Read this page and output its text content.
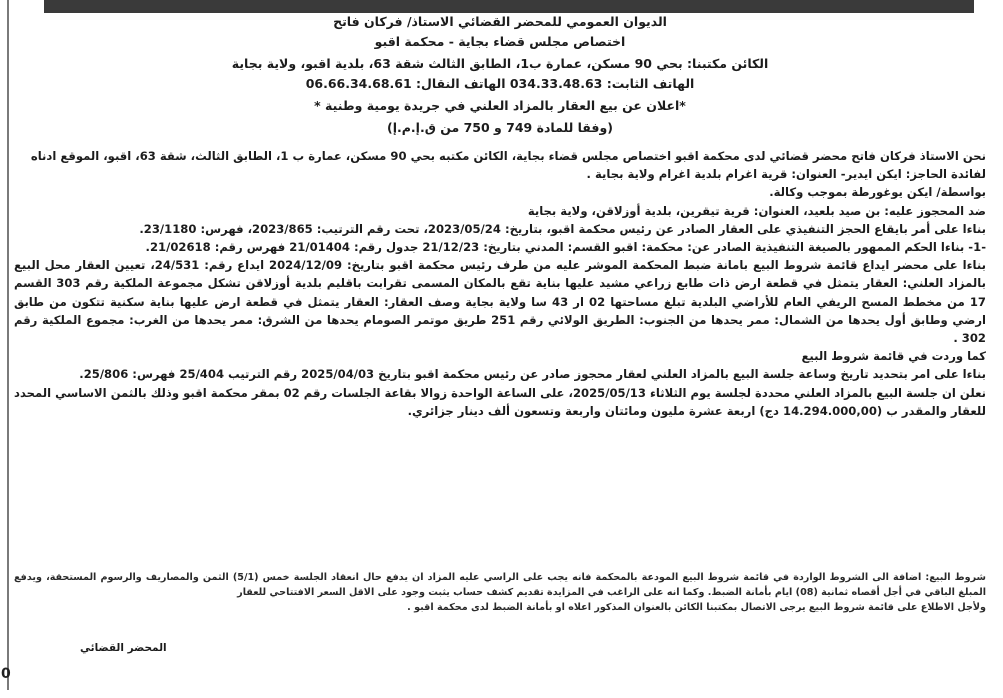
الديوان العمومي للمحضر القضائي الاستاذ/ فركان فاتح
اختصاص مجلس قضاء بجاية - محكمة اقبو
الكائن مكتبنا: بحي 90 مسكن، عمارة ب1، الطابق الثالث شقة 63، بلدية اقبو، ولاية بجاية
الهاتف الثابت: 034.33.48.63 الهاتف النقال: 06.66.34.68.61
*اعلان عن بيع العقار بالمزاد العلني في جريدة يومية وطنية *
(وفقا للمادة 749 و 750 من ق.إ.م.إ)

نحن الاستاذ فركان فاتح محضر قضائي لدى محكمة اقبو اختصاص مجلس قضاء بجاية، الكائن مكتبه بحي 90 مسكن، عمارة ب 1، الطابق الثالث، شقة 63، اقبو، الموقع ادناه

لفائدة الحاجز: ايكن ايدير- العنوان: قرية اغرام بلدية اغرام ولاية بجاية .

بواسطة/ ايكن يوغورطة بموجب وكالة.

ضد المحجوز عليه: بن صيد بلعيد، العنوان: قرية تيقرين، بلدية أوزلاقن، ولاية بجاية

بناءا على أمر بايقاع الحجز التنفيذي على العقار الصادر عن رئيس محكمة اقبو، بتاريخ: 2023/05/24، تحت رقم الترتيب: 2023/865، فهرس: 23/1180.

-1- بناءا الحكم الممهور بالصيغة التنفيذية الصادر عن: محكمة: اقبو القسم: المدني بتاريخ: 21/12/23 جدول رقم: 21/01404 فهرس رقم: 21/02618.

بناءا على محضر ايداع قائمة شروط البيع بامانة ضبط المحكمة الموشر عليه من طرف رئيس محكمة اقبو بتاريخ: 2024/12/09 ايداع رقم: 24/531، تعيين العقار محل البيع بالمزاد العلني: العقار يتمثل في قطعة ارض ذات طابع زراعي مشيد عليها بناية تقع بالمكان المسمى تقرابت باقليم بلدية أوزلاقن تشكل مجموعة الملكية رقم 303 القسم 17 من مخطط المسح الريفي العام للأراضي البلدية تبلغ مساحتها 02 ار 43 سا ولاية بجاية وصف العقار: العقار يتمثل في قطعة ارض عليها بناية سكنية تتكون من طابق ارضي وطابق أول يحدها من الشمال: ممر يحدها من الجنوب: الطريق الولائي رقم 251 طريق موتمر الصومام يحدها من الشرق: ممر يحدها من الغرب: مجموع الملكية رقم 302 .

كما وردت في قائمة شروط البيع

بناءا على امر بتحديد تاريخ وساعة جلسة البيع بالمزاد العلني لعقار محجوز صادر عن رئيس محكمة اقبو بتاريخ 2025/04/03 رقم الترتيب 25/404 فهرس: 25/806.

نعلن ان جلسة البيع بالمزاد العلني محددة لجلسة يوم الثلاثاء 2025/05/13، على الساعة الواحدة زوالا بقاعة الجلسات رقم 02 بمقر محكمة اقبو وذلك بالثمن الاساسي المحدد للعقار والمقدر ب (14.294.000,00 دج) اربعة عشرة مليون ومائتان واربعة وتسعون ألف دينار جزائري.

شروط البيع: اضافة الى الشروط الواردة في قائمة شروط البيع المودعة بالمحكمة فانه يجب على الراسي عليه المزاد ان يدفع حال انعقاد الجلسة خمس (5/1) الثمن والمصاريف والرسوم المستحقة، ويدفع المبلغ الباقي في أجل أقصاه ثمانية (08) ايام بأمانة الضبط. وكما انه على الراغب في المزايدة تقديم كشف حساب يثبت وجود على الاقل السعر الافتتاحي للعقار

ولأجل الاطلاع على قائمة شروط البيع يرجى الاتصال بمكتبنا الكائن بالعنوان المذكور اعلاه او بأمانة الضبط لدى محكمة اقبو .

المحضر القضائي
0
